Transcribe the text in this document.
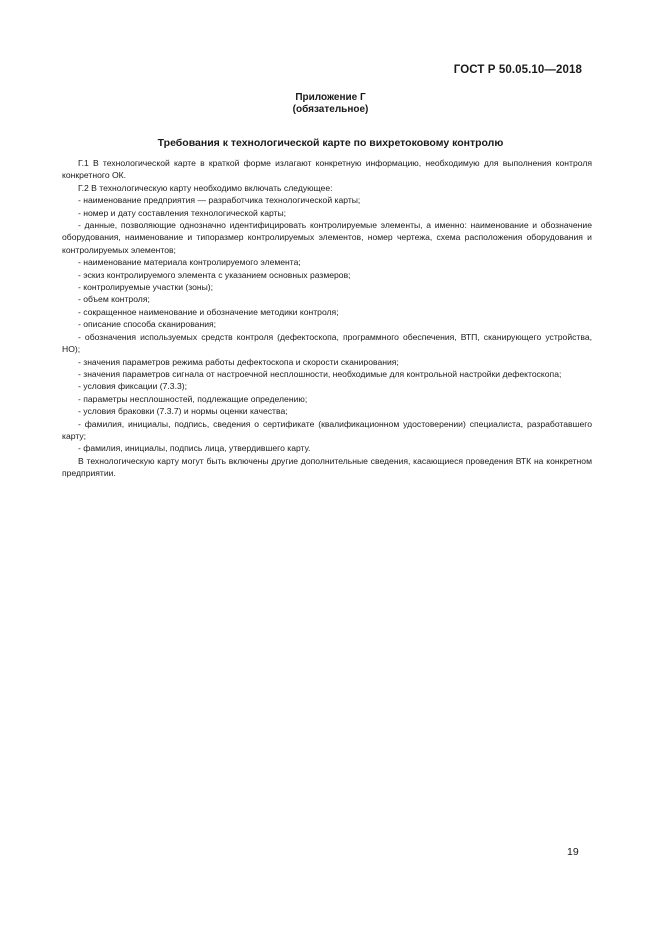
ГОСТ Р 50.05.10—2018
Приложение Г
(обязательное)
Требования к технологической карте по вихретоковому контролю

Г.1 В технологической карте в краткой форме излагают конкретную информацию, необходимую для выполнения контроля конкретного ОК.

Г.2 В технологическую карту необходимо включать следующее:

- наименование предприятия — разработчика технологической карты;

- номер и дату составления технологической карты;

- данные, позволяющие однозначно идентифицировать контролируемые элементы, а именно: наименование и обозначение оборудования, наименование и типоразмер контролируемых элементов, номер чертежа, схема расположения оборудования и контролируемых элементов;

- наименование материала контролируемого элемента;

- эскиз контролируемого элемента с указанием основных размеров;

- контролируемые участки (зоны);

- объем контроля;

- сокращенное наименование и обозначение методики контроля;

- описание способа сканирования;

- обозначения используемых средств контроля (дефектоскопа, программного обеспечения, ВТП, сканирующего устройства, НО);

- значения параметров режима работы дефектоскопа и скорости сканирования;

- значения параметров сигнала от настроечной несплошности, необходимые для контрольной настройки дефектоскопа;

- условия фиксации (7.3.3);

- параметры несплошностей, подлежащие определению;

- условия браковки (7.3.7) и нормы оценки качества;

- фамилия, инициалы, подпись, сведения о сертификате (квалификационном удостоверении) специалиста, разработавшего карту;

- фамилия, инициалы, подпись лица, утвердившего карту.

В технологическую карту могут быть включены другие дополнительные сведения, касающиеся проведения ВТК на конкретном предприятии.

19
